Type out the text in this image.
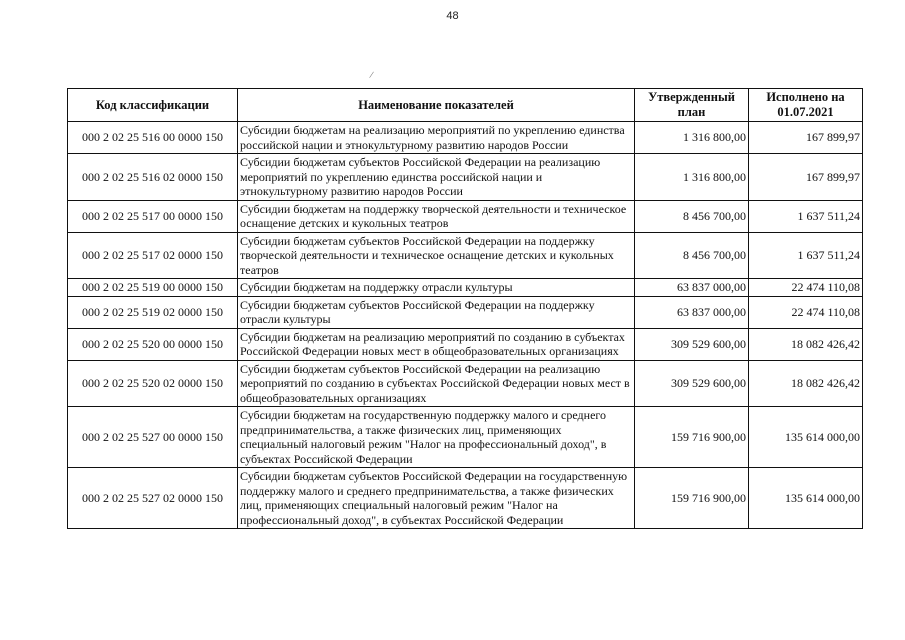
48
/
Код классификации	Наименование показателей	Утвержденный план	Исполнено на 01.07.2021
000 2 02 25 516 00 0000 150	Субсидии бюджетам на реализацию мероприятий по укреплению единства российской нации и этнокультурному развитию народов России	1 316 800,00	167 899,97
000 2 02 25 516 02 0000 150	Субсидии бюджетам субъектов Российской Федерации на реализацию мероприятий по укреплению единства российской нации и этнокультурному развитию народов России	1 316 800,00	167 899,97
000 2 02 25 517 00 0000 150	Субсидии бюджетам на поддержку творческой деятельности и техническое оснащение детских и кукольных театров	8 456 700,00	1 637 511,24
000 2 02 25 517 02 0000 150	Субсидии бюджетам субъектов Российской Федерации на поддержку творческой деятельности и техническое оснащение детских и кукольных театров	8 456 700,00	1 637 511,24
000 2 02 25 519 00 0000 150	Субсидии бюджетам на поддержку отрасли культуры	63 837 000,00	22 474 110,08
000 2 02 25 519 02 0000 150	Субсидии бюджетам субъектов Российской Федерации на поддержку отрасли культуры	63 837 000,00	22 474 110,08
000 2 02 25 520 00 0000 150	Субсидии бюджетам на реализацию мероприятий по созданию в субъектах Российской Федерации новых мест в общеобразовательных организациях	309 529 600,00	18 082 426,42
000 2 02 25 520 02 0000 150	Субсидии бюджетам субъектов Российской Федерации на реализацию мероприятий по созданию в субъектах Российской Федерации новых мест в общеобразовательных организациях	309 529 600,00	18 082 426,42
000 2 02 25 527 00 0000 150	Субсидии бюджетам на государственную поддержку малого и среднего предпринимательства, а также физических лиц, применяющих специальный налоговый режим "Налог на профессиональный доход", в субъектах Российской Федерации	159 716 900,00	135 614 000,00
000 2 02 25 527 02 0000 150	Субсидии бюджетам субъектов Российской Федерации на государственную поддержку малого и среднего предпринимательства, а также физических лиц, применяющих специальный налоговый режим "Налог на профессиональный доход", в субъектах Российской Федерации	159 716 900,00	135 614 000,00
